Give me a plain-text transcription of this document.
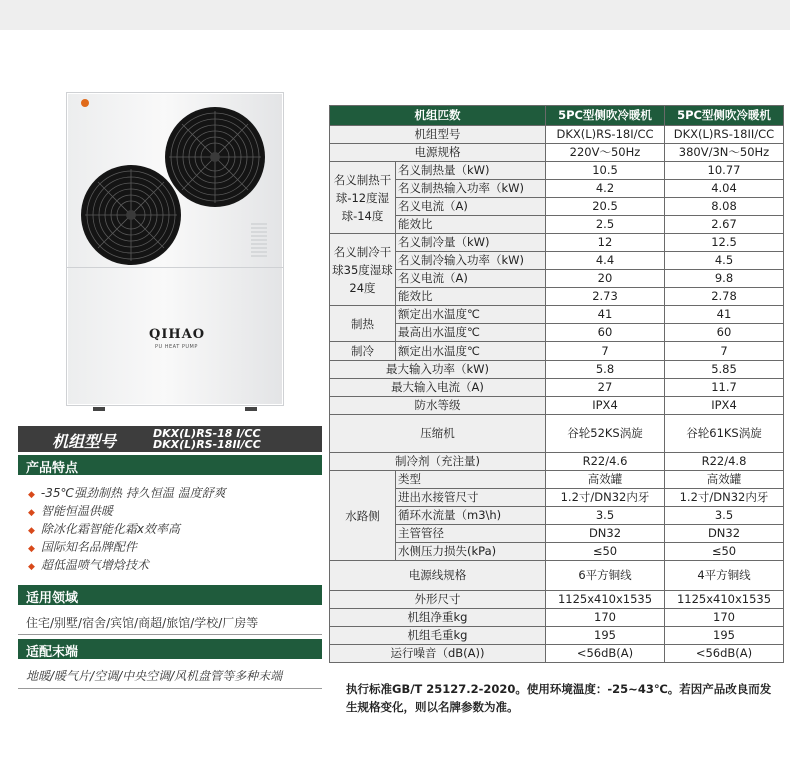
QIHAO
PU HEAT PUMP
机组型号	DKX(L)RS-18 I/CC
DKX(L)RS-18II/CC
产品特点
◆ -35℃强劲制热 持久恒温 温度舒爽
◆ 智能恒温供暖
◆ 除冰化霜智能化霜x效率高
◆ 国际知名品牌配件
◆ 超低温喷气增焓技术
适用领域
住宅/别墅/宿舍/宾馆/商超/旅馆/学校/厂房等
适配末端
地暖/暖气片/空调/中央空调/风机盘管等多种末端
机组匹数		5PC型侧吹冷暖机	5PC型侧吹冷暖机
机组型号		DKX(L)RS-18I/CC	DKX(L)RS-18II/CC
电源规格		220V～50Hz	380V/3N～50Hz
名义制热干球-12度湿球-14度	名义制热量（kW)	10.5	10.77
	名义制热输入功率（kW)	4.2	4.04
	名义电流（A)	20.5	8.08
	能效比	2.5	2.67
名义制冷干球35度湿球24度	名义制冷量（kW)	12	12.5
	名义制冷输入功率（kW)	4.4	4.5
	名义电流（A)	20	9.8
	能效比	2.73	2.78
制热	额定出水温度℃	41	41
	最高出水温度℃	60	60
制冷	额定出水温度℃	7	7
最大输入功率（kW)		5.8	5.85
最大输入电流（A)		27	11.7
防水等级		IPX4	IPX4
压缩机		谷轮52KS涡旋	谷轮61KS涡旋
制冷剂（充注量)		R22/4.6	R22/4.8
水路侧	类型	高效罐	高效罐
	进出水接管尺寸	1.2寸/DN32内牙	1.2寸/DN32内牙
	循环水流量（m3\h)	3.5	3.5
	主管管径	DN32	DN32
	水侧压力损失(kPa)	≤50	≤50
电源线规格		6平方铜线	4平方铜线
外形尺寸		1125x410x1535	1125x410x1535
机组净重kg		170	170
机组毛重kg		195	195
运行噪音（dB(A))		<56dB(A)	<56dB(A)
执行标准GB/T 25127.2-2020。使用环境温度：-25~43℃。若因产品改良而发生规格变化，则以名牌参数为准。
